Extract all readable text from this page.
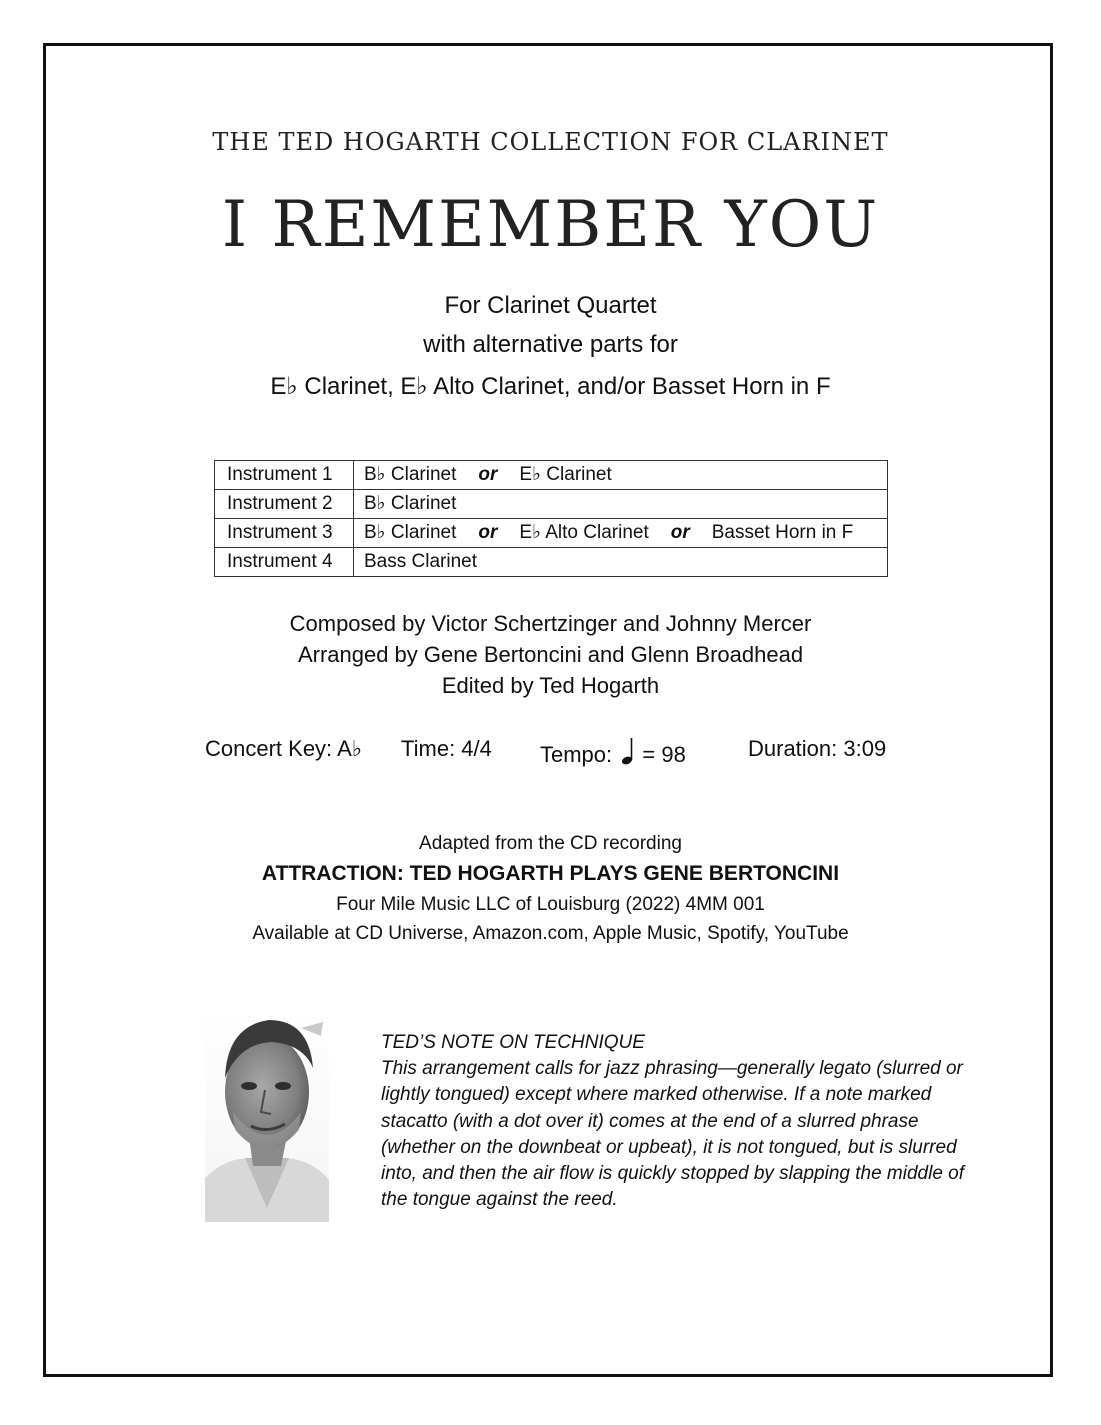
THE TED HOGARTH COLLECTION FOR CLARINET
I REMEMBER YOU
For Clarinet Quartet
with alternative parts for
E♭ Clarinet, E♭ Alto Clarinet, and/or Basset Horn in F
Instrument 1	B♭ Clarinet or E♭ Clarinet
Instrument 2	B♭ Clarinet
Instrument 3	B♭ Clarinet or E♭ Alto Clarinet or Basset Horn in F
Instrument 4	Bass Clarinet
Composed by Victor Schertzinger and Johnny Mercer
Arranged by Gene Bertoncini and Glenn Broadhead
Edited by Ted Hogarth
Concert Key: A♭ Time: 4/4 Tempo: = 98	Duration: 3:09
Adapted from the CD recording
ATTRACTION: TED HOGARTH PLAYS GENE BERTONCINI
Four Mile Music LLC of Louisburg (2022) 4MM 001
Available at CD Universe, Amazon.com, Apple Music, Spotify, YouTube
TED’S NOTE ON TECHNIQUE
This arrangement calls for jazz phrasing—generally legato (slurred or lightly tongued) except where marked otherwise. If a note marked stacatto (with a dot over it) comes at the end of a slurred phrase (whether on the downbeat or upbeat), it is not tongued, but is slurred into, and then the air flow is quickly stopped by slapping the middle of the tongue against the reed.
